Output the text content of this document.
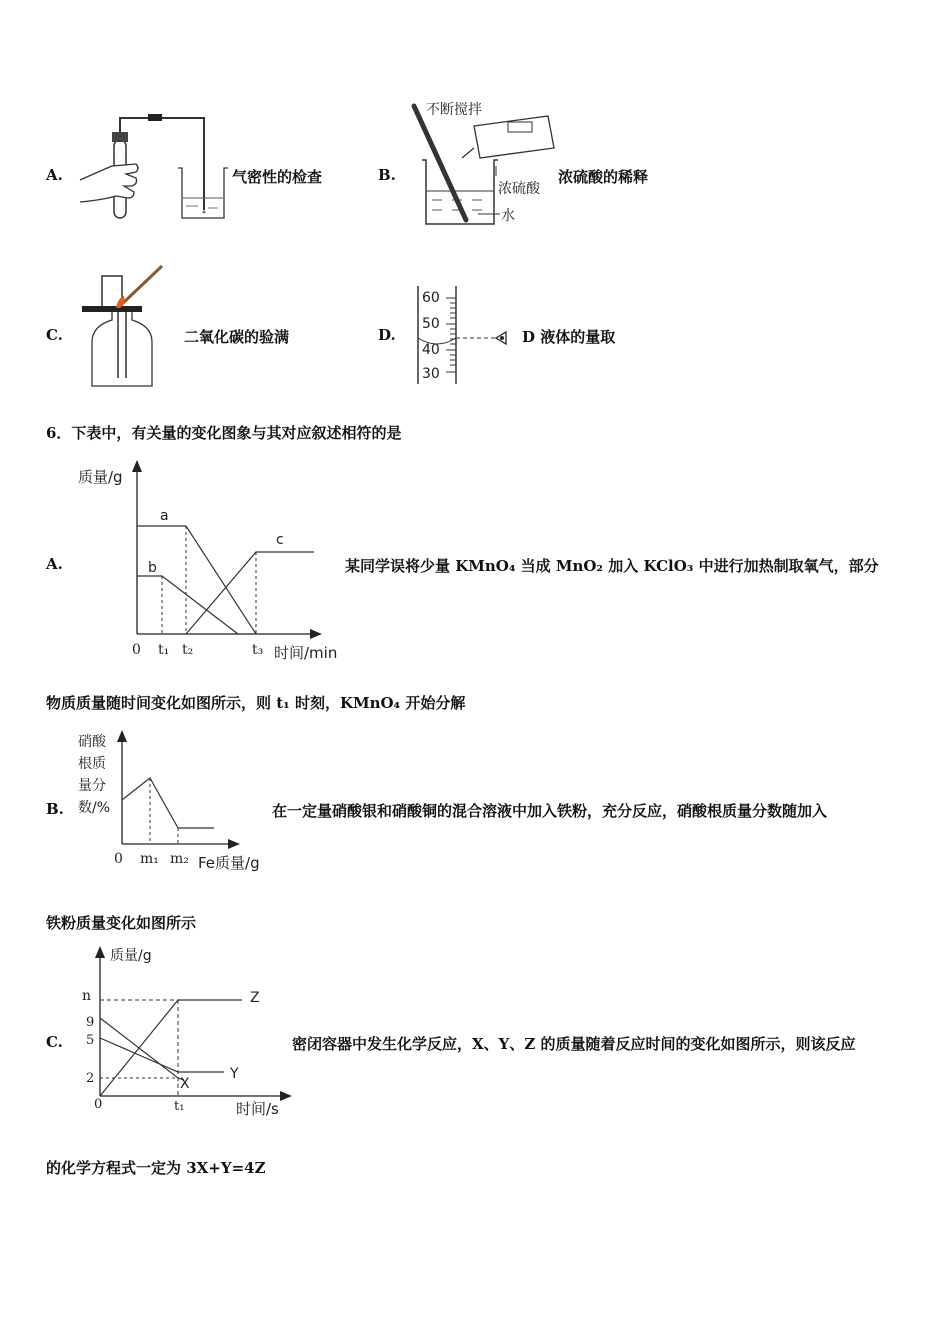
A.	气密性的检查	B.
不断搅拌
浓硫酸
水
浓硫酸的稀释
C.	二氧化碳的验满	D.
60
50
40
30
D 液体的量取
6．下表中，有关量的变化图象与其对应叙述相符的是
A.
质量/g
a
b
c
0 t₁ t₂	t₃ 时间/min
某同学误将少量 KMnO₄ 当成 MnO₂ 加入 KClO₃ 中进行加热制取氧气，部分
物质质量随时间变化如图所示，则 t₁ 时刻，KMnO₄ 开始分解
B.
硝酸
根质
量分
数/%
0 m₁ m₂ Fe质量/g
在一定量硝酸银和硝酸铜的混合溶液中加入铁粉，充分反应，硝酸根质量分数随加入
铁粉质量变化如图所示
C.
质量/g
n
9
5
2
Z
Y
X
0	t₁	时间/s
密闭容器中发生化学反应，X、Y、Z 的质量随着反应时间的变化如图所示，则该反应
的化学方程式一定为 3X+Y=4Z
